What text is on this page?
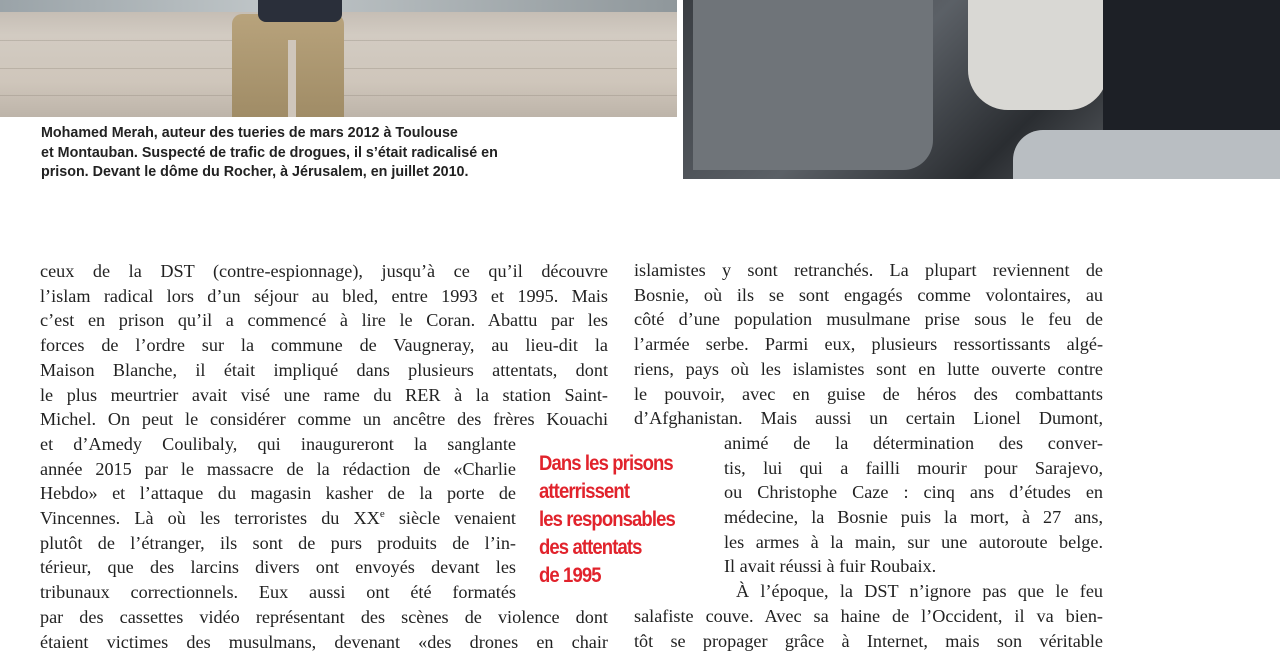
Mohamed Merah, auteur des tueries de mars 2012 à Toulouse
et Montauban. Suspecté de trafic de drogues, il s’était radicalisé en
prison. Devant le dôme du Rocher, à Jérusalem, en juillet 2010.
ceux de la DST (contre-espionnage), jusqu’à ce qu’il découvre
l’islam radical lors d’un séjour au bled, entre 1993 et 1995. Mais
c’est en prison qu’il a commencé à lire le Coran. Abattu par les
forces de l’ordre sur la commune de Vaugneray, au lieu-dit la
Maison Blanche, il était impliqué dans plusieurs attentats, dont
le plus meurtrier avait visé une rame du RER à la station Saint-
Michel. On peut le considérer comme un ancêtre des frères Kouachi
et d’Amedy Coulibaly, qui inaugureront la sanglante
année 2015 par le massacre de la rédaction de «Charlie
Hebdo» et l’attaque du magasin kasher de la porte de
Vincennes. Là où les terroristes du XXe siècle venaient
plutôt de l’étranger, ils sont de purs produits de l’in-
térieur, que des larcins divers ont envoyés devant les
tribunaux correctionnels. Eux aussi ont été formatés
par des cassettes vidéo représentant des scènes de violence dont
étaient victimes des musulmans, devenant «des drones en chair
Dans les prisons
atterrissent
les responsables
des attentats
de 1995
islamistes y sont retranchés. La plupart reviennent de
Bosnie, où ils se sont engagés comme volontaires, au
côté d’une population musulmane prise sous le feu de
l’armée serbe. Parmi eux, plusieurs ressortissants algé-
riens, pays où les islamistes sont en lutte ouverte contre
le pouvoir, avec en guise de héros des combattants
d’Afghanistan. Mais aussi un certain Lionel Dumont,
animé de la détermination des conver-
tis, lui qui a failli mourir pour Sarajevo,
ou Christophe Caze : cinq ans d’études en
médecine, la Bosnie puis la mort, à 27 ans,
les armes à la main, sur une autoroute belge.
Il avait réussi à fuir Roubaix.
À l’époque, la DST n’ignore pas que le feu
salafiste couve. Avec sa haine de l’Occident, il va bien-
tôt se propager grâce à Internet, mais son véritable
